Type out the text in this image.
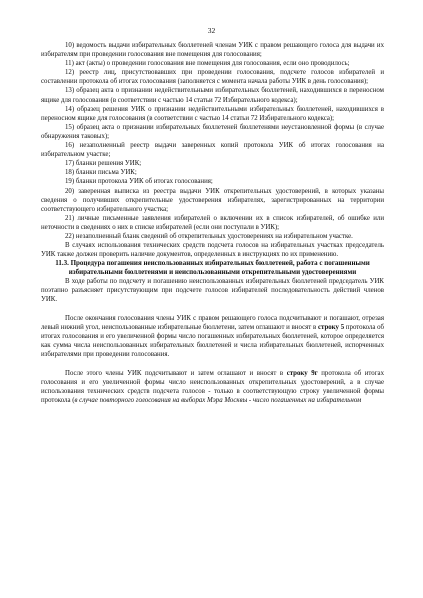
32

10) ведомость выдачи избирательных бюллетеней членам УИК с правом решающего голоса для выдачи их избирателям при проведении голосования вне помещения для голосования;

11) акт (акты) о проведении голосования вне помещения для голосования, если оно проводилось;

12) реестр лиц, присутствовавших при проведении голосования, подсчете голосов избирателей и составлении протокола об итогах голосования (заполняется с момента начала работы УИК в день голосования);

13) образец акта о признании недействительными избирательных бюллетеней, находившихся в переносном ящике для голосования (в соответствии с частью 14 статьи 72 Избирательного кодекса);

14) образец решения УИК о признании недействительными избирательных бюллетеней, находившихся в переносном ящике для голосования (в соответствии с частью 14 статьи 72 Избирательного кодекса);

15) образец акта о признании избирательных бюллетеней бюллетенями неустановленной формы (в случае обнаружения таковых);

16) незаполненный реестр выдачи заверенных копий протокола УИК об итогах голосования на избирательном участке;

17) бланки решения УИК;

18) бланки письма УИК;

19) бланки протокола УИК об итогах голосования;

20) заверенная выписка из реестра выдачи УИК открепительных удостоверений, в которых указаны сведения о получивших открепительные удостоверения избирателях, зарегистрированных на территории соответствующего избирательного участка;

21) личные письменные заявления избирателей о включении их в список избирателей, об ошибке или неточности в сведениях о них в списке избирателей (если они поступали в УИК);

22) незаполненный бланк сведений об открепительных удостоверениях на избирательном участке.

В случаях использования технических средств подсчета голосов на избирательных участках председатель УИК также должен проверить наличие документов, определенных в инструкциях по их применению.

11.3. Процедура погашения неиспользованных избирательных бюллетеней, работа с погашенными избирательными бюллетенями и неиспользованными открепительными удостоверениями

В ходе работы по подсчету и погашению неиспользованных избирательных бюллетеней председатель УИК поэтапно разъясняет присутствующим при подсчете голосов избирателей последовательность действий членов УИК.

После окончания голосования члены УИК с правом решающего голоса подсчитывают и погашают, отрезая левый нижний угол, неиспользованные избирательные бюллетени, затем оглашают и вносят в строку 5 протокола об итогах голосования и его увеличенной формы число погашенных избирательных бюллетеней, которое определяется как сумма числа неиспользованных избирательных бюллетеней и числа избирательных бюллетеней, испорченных избирателями при проведении голосования.

После этого члены УИК подсчитывают и затем оглашают и вносят в строку 9г протокола об итогах голосования и его увеличенной формы число неиспользованных открепительных удостоверений, а в случае использования технических средств подсчета голосов - только в соответствующую строку увеличенной формы протокола (в случае повторного голосования на выборах Мэра Москвы - число погашенных на избирательном
